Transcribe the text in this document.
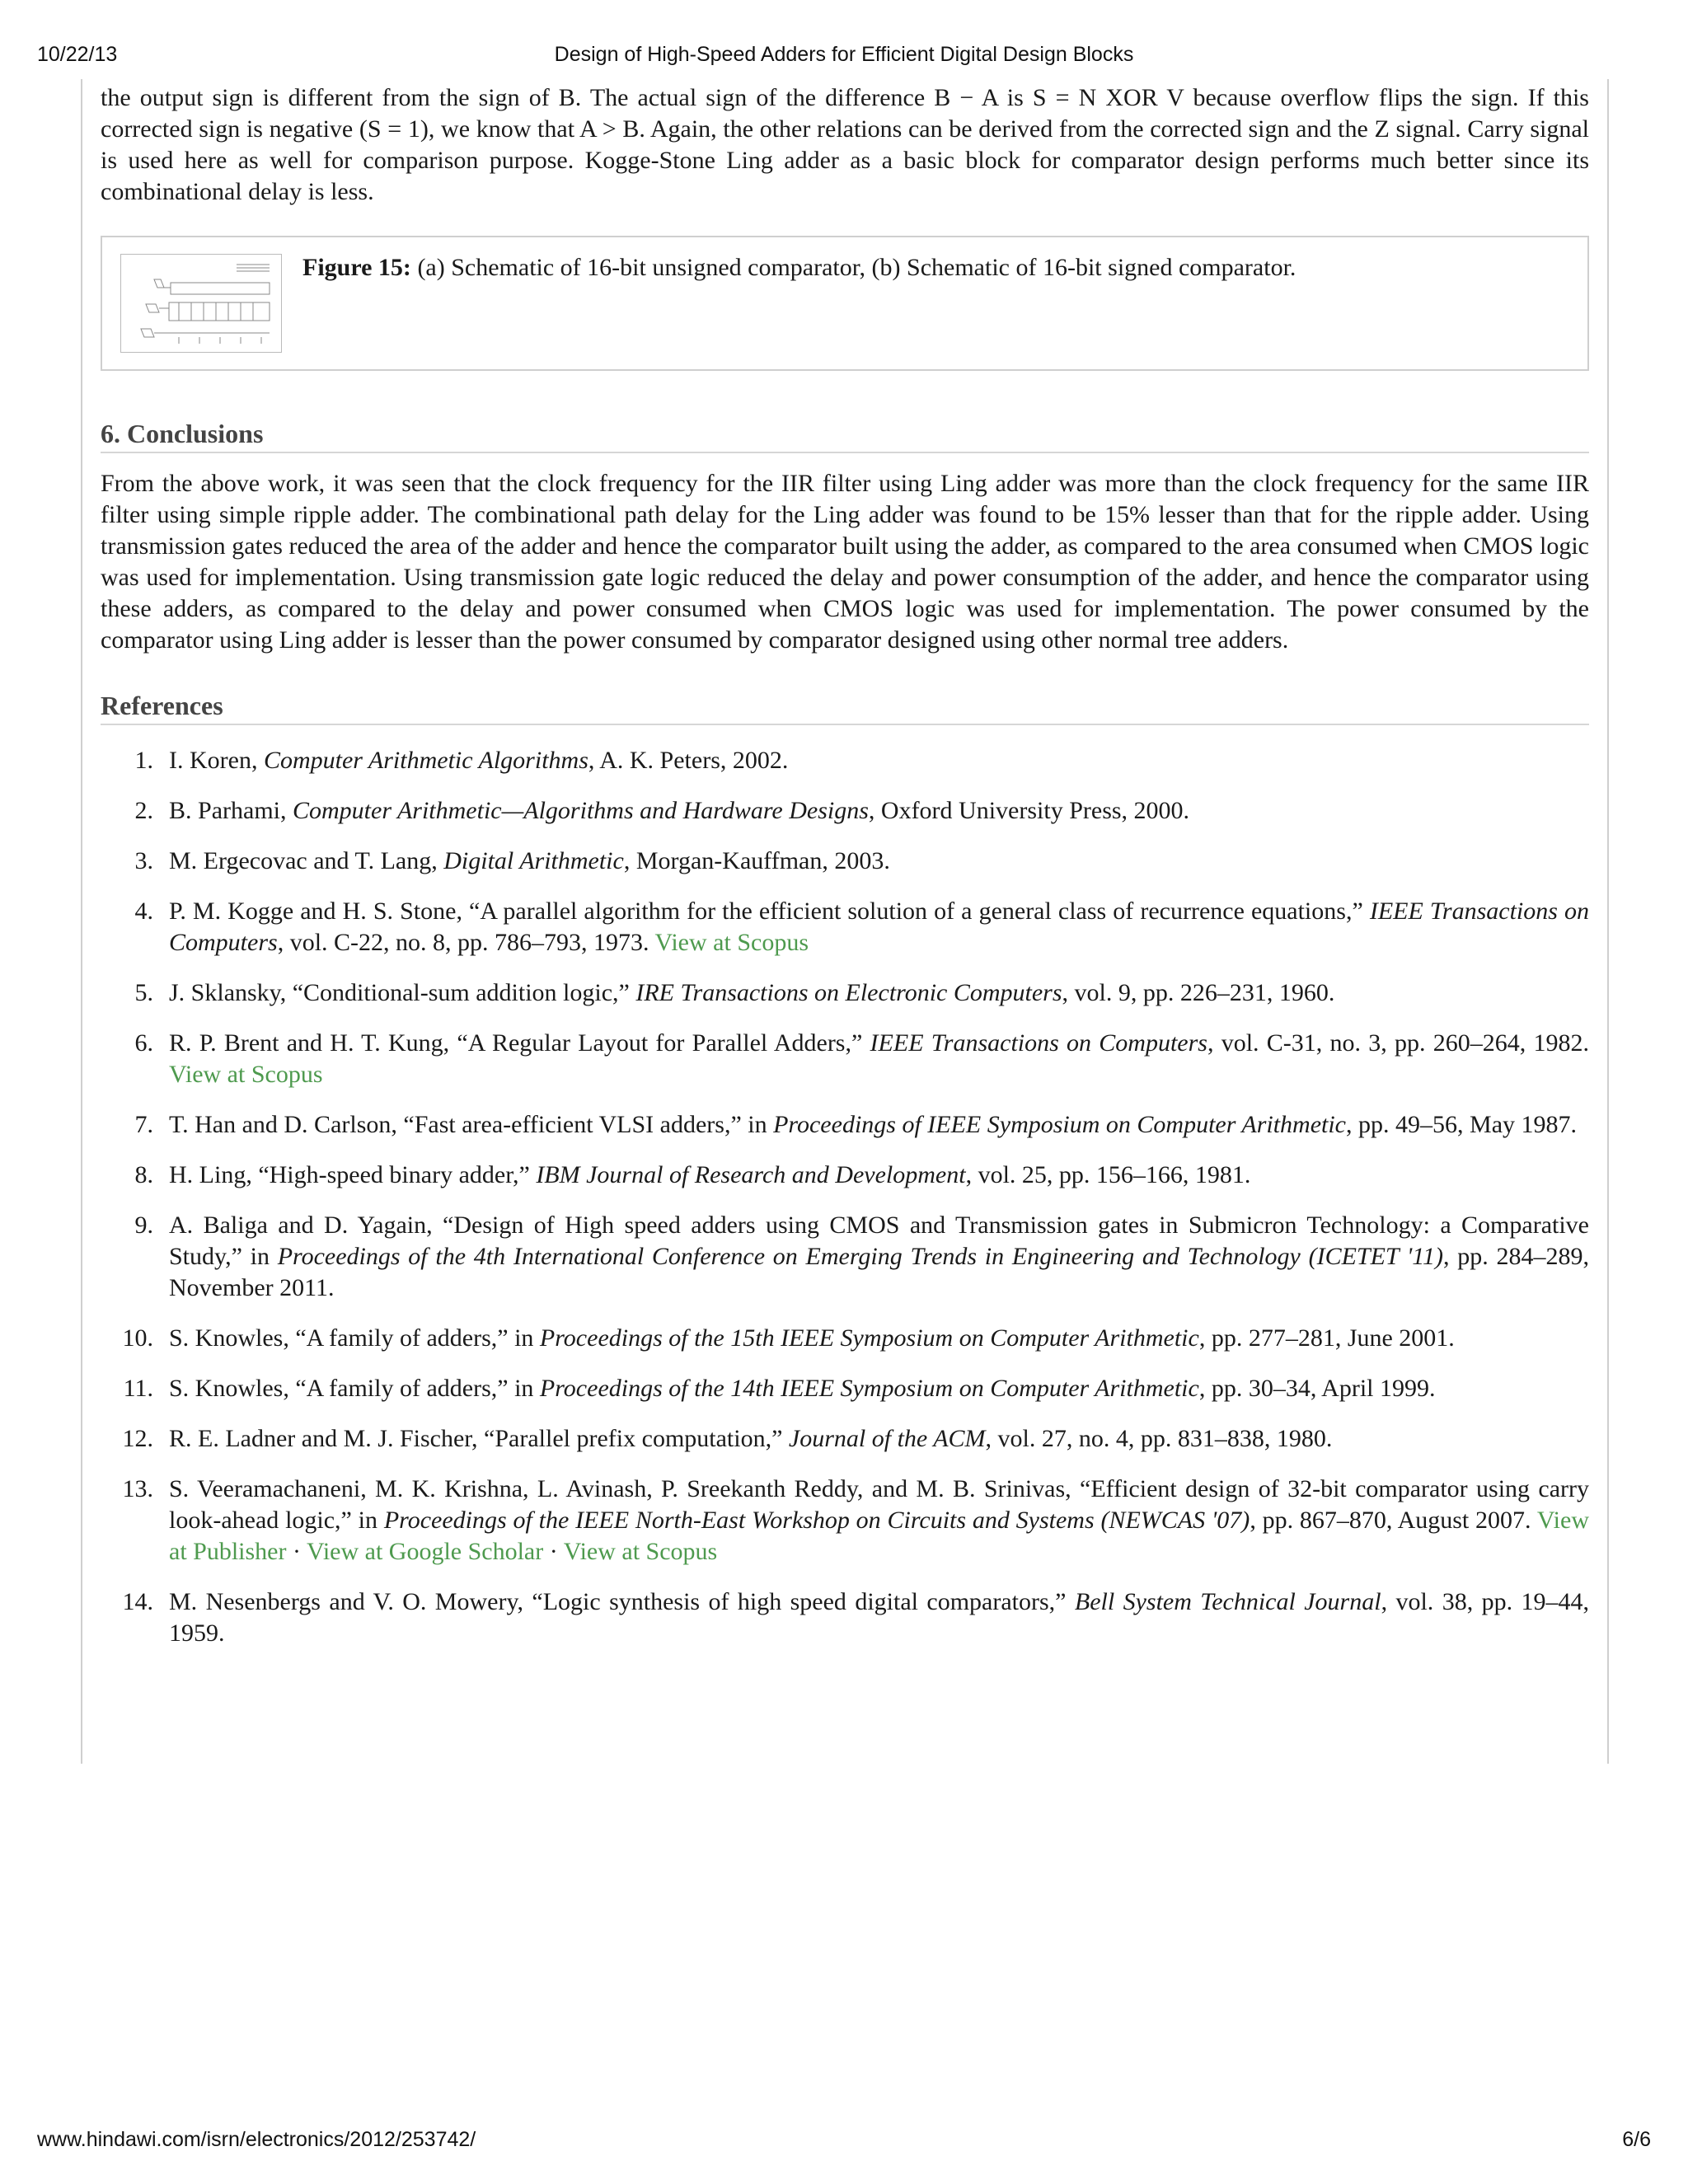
10/22/13	Design of High-Speed Adders for Efficient Digital Design Blocks

the output sign is different from the sign of B. The actual sign of the difference B − A is S = N XOR V because overflow flips the sign. If this corrected sign is negative (S = 1), we know that A > B. Again, the other relations can be derived from the corrected sign and the Z signal. Carry signal is used here as well for comparison purpose. Kogge-Stone Ling adder as a basic block for comparator design performs much better since its combinational delay is less.

Figure 15: (a) Schematic of 16-bit unsigned comparator, (b) Schematic of 16-bit signed comparator.
6. Conclusions

From the above work, it was seen that the clock frequency for the IIR filter using Ling adder was more than the clock frequency for the same IIR filter using simple ripple adder. The combinational path delay for the Ling adder was found to be 15% lesser than that for the ripple adder. Using transmission gates reduced the area of the adder and hence the comparator built using the adder, as compared to the area consumed when CMOS logic was used for implementation. Using transmission gate logic reduced the delay and power consumption of the adder, and hence the comparator using these adders, as compared to the delay and power consumed when CMOS logic was used for implementation. The power consumed by the comparator using Ling adder is lesser than the power consumed by comparator designed using other normal tree adders.

References
1. I. Koren, Computer Arithmetic Algorithms, A. K. Peters, 2002.
2. B. Parhami, Computer Arithmetic—Algorithms and Hardware Designs, Oxford University Press, 2000.
3. M. Ergecovac and T. Lang, Digital Arithmetic, Morgan-Kauffman, 2003.
4. P. M. Kogge and H. S. Stone, “A parallel algorithm for the efficient solution of a general class of recurrence equations,” IEEE Transactions on Computers, vol. C-22, no. 8, pp. 786–793, 1973. View at Scopus
5. J. Sklansky, “Conditional-sum addition logic,” IRE Transactions on Electronic Computers, vol. 9, pp. 226–231, 1960.
6. R. P. Brent and H. T. Kung, “A Regular Layout for Parallel Adders,” IEEE Transactions on Computers, vol. C-31, no. 3, pp. 260–264, 1982. View at Scopus
7. T. Han and D. Carlson, “Fast area-efficient VLSI adders,” in Proceedings of IEEE Symposium on Computer Arithmetic, pp. 49–56, May 1987.
8. H. Ling, “High-speed binary adder,” IBM Journal of Research and Development, vol. 25, pp. 156–166, 1981.
9. A. Baliga and D. Yagain, “Design of High speed adders using CMOS and Transmission gates in Submicron Technology: a Comparative Study,” in Proceedings of the 4th International Conference on Emerging Trends in Engineering and Technology (ICETET '11), pp. 284–289, November 2011.
10. S. Knowles, “A family of adders,” in Proceedings of the 15th IEEE Symposium on Computer Arithmetic, pp. 277–281, June 2001.
11. S. Knowles, “A family of adders,” in Proceedings of the 14th IEEE Symposium on Computer Arithmetic, pp. 30–34, April 1999.
12. R. E. Ladner and M. J. Fischer, “Parallel prefix computation,” Journal of the ACM, vol. 27, no. 4, pp. 831–838, 1980.
13. S. Veeramachaneni, M. K. Krishna, L. Avinash, P. Sreekanth Reddy, and M. B. Srinivas, “Efficient design of 32-bit comparator using carry look-ahead logic,” in Proceedings of the IEEE North-East Workshop on Circuits and Systems (NEWCAS '07), pp. 867–870, August 2007. View at Publisher · View at Google Scholar · View at Scopus
14. M. Nesenbergs and V. O. Mowery, “Logic synthesis of high speed digital comparators,” Bell System Technical Journal, vol. 38, pp. 19–44, 1959.
www.hindawi.com/isrn/electronics/2012/253742/	6/6
